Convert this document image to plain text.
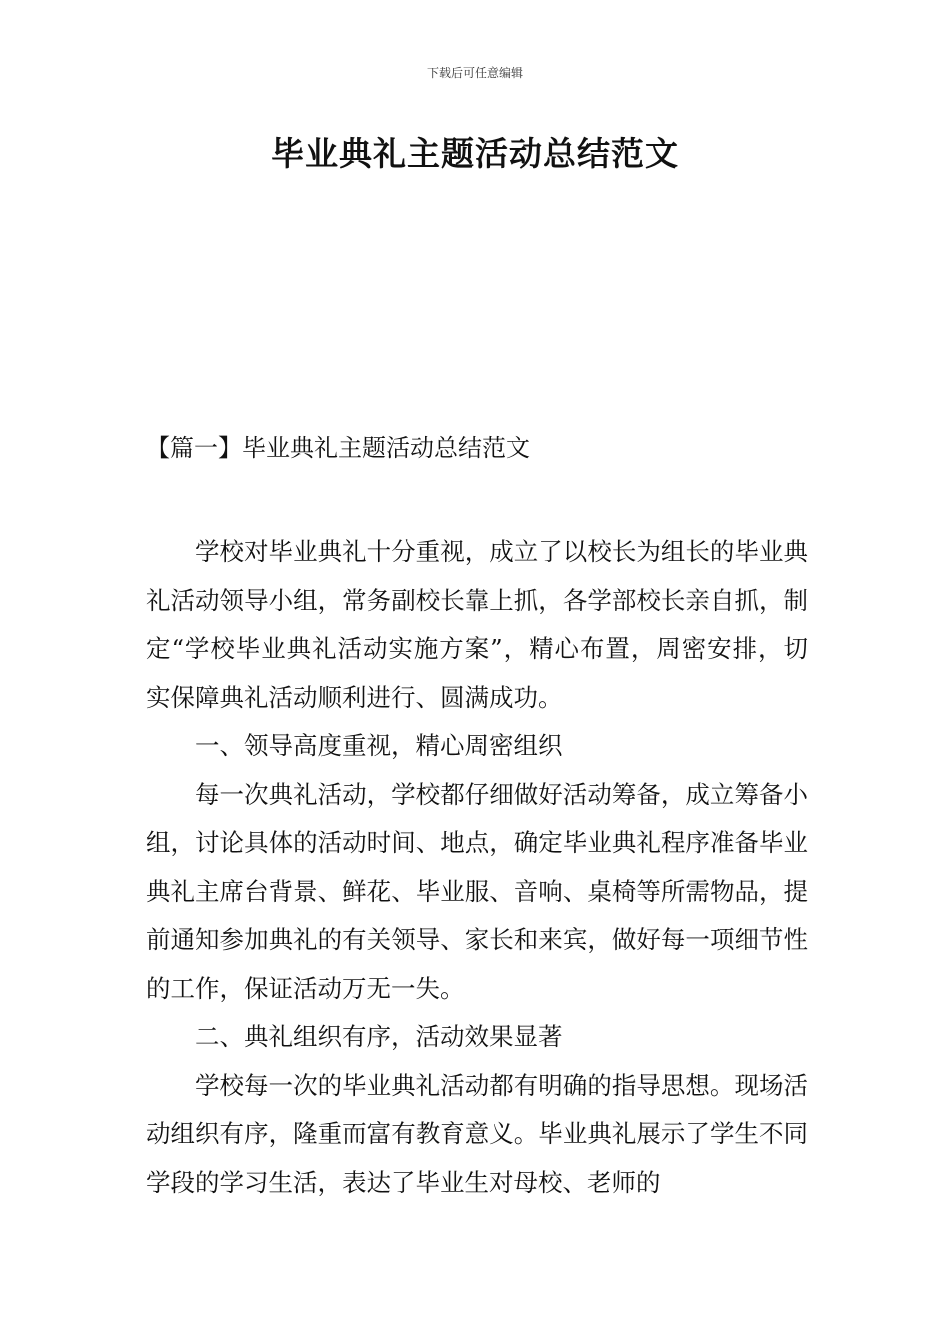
下载后可任意编辑
毕业典礼主题活动总结范文
【篇一】毕业典礼主题活动总结范文

学校对毕业典礼十分重视，成立了以校长为组长的毕业典礼活动领导小组，常务副校长靠上抓，各学部校长亲自抓，制定“学校毕业典礼活动实施方案”，精心布置，周密安排，切实保障典礼活动顺利进行、圆满成功。

一、领导高度重视，精心周密组织

每一次典礼活动，学校都仔细做好活动筹备，成立筹备小组，讨论具体的活动时间、地点，确定毕业典礼程序准备毕业典礼主席台背景、鲜花、毕业服、音响、桌椅等所需物品，提前通知参加典礼的有关领导、家长和来宾，做好每一项细节性的工作，保证活动万无一失。

二、典礼组织有序，活动效果显著

学校每一次的毕业典礼活动都有明确的指导思想。现场活动组织有序，隆重而富有教育意义。毕业典礼展示了学生不同学段的学习生活，表达了毕业生对母校、老师的
